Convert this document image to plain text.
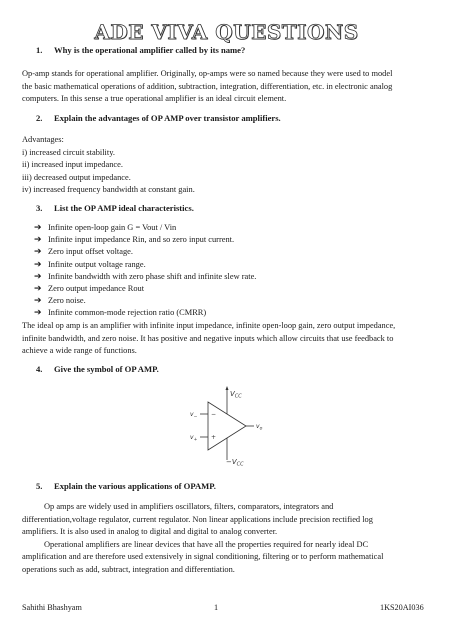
ADE VIVA QUESTIONS
1. Why is the operational amplifier called by its name?
Op-amp stands for operational amplifier. Originally, op-amps were so named because they were used to model
the basic mathematical operations of addition, subtraction, integration, differentiation, etc. in electronic analog
computers. In this sense a true operational amplifier is an ideal circuit element.
2. Explain the advantages of OP AMP over transistor amplifiers.
Advantages:
i) increased circuit stability.
ii) increased input impedance.
iii) decreased output impedance.
iv) increased frequency bandwidth at constant gain.
3. List the OP AMP ideal characteristics.
➔ Infinite open-loop gain G = Vout / Vin
➔ Infinite input impedance Rin, and so zero input current.
➔ Zero input offset voltage.
➔ Infinite output voltage range.
➔ Infinite bandwidth with zero phase shift and infinite slew rate.
➔ Zero output impedance Rout
➔ Zero noise.
➔ Infinite common-mode rejection ratio (CMRR)
The ideal op amp is an amplifier with infinite input impedance, infinite open-loop gain, zero output impedance,
infinite bandwidth, and zero noise. It has positive and negative inputs which allow circuits that use feedback to
achieve a wide range of functions.
4. Give the symbol of OP AMP.
−
+
$V_{CC}$
$-V_{CC}$
$v_-$
$v_+$
$v_o$
5. Explain the various applications of OPAMP.
Op amps are widely used in amplifiers oscillators, filters, comparators, integrators and
differentiation,voltage regulator, current regulator. Non linear applications include precision rectified log
amplifiers. It is also used in analog to digital and digital to analog converter.
Operational amplifiers are linear devices that have all the properties required for nearly ideal DC
amplification and are therefore used extensively in signal conditioning, filtering or to perform mathematical
operations such as add, subtract, integration and differentiation.
Sahithi Bhashyam	1	1KS20AI036
